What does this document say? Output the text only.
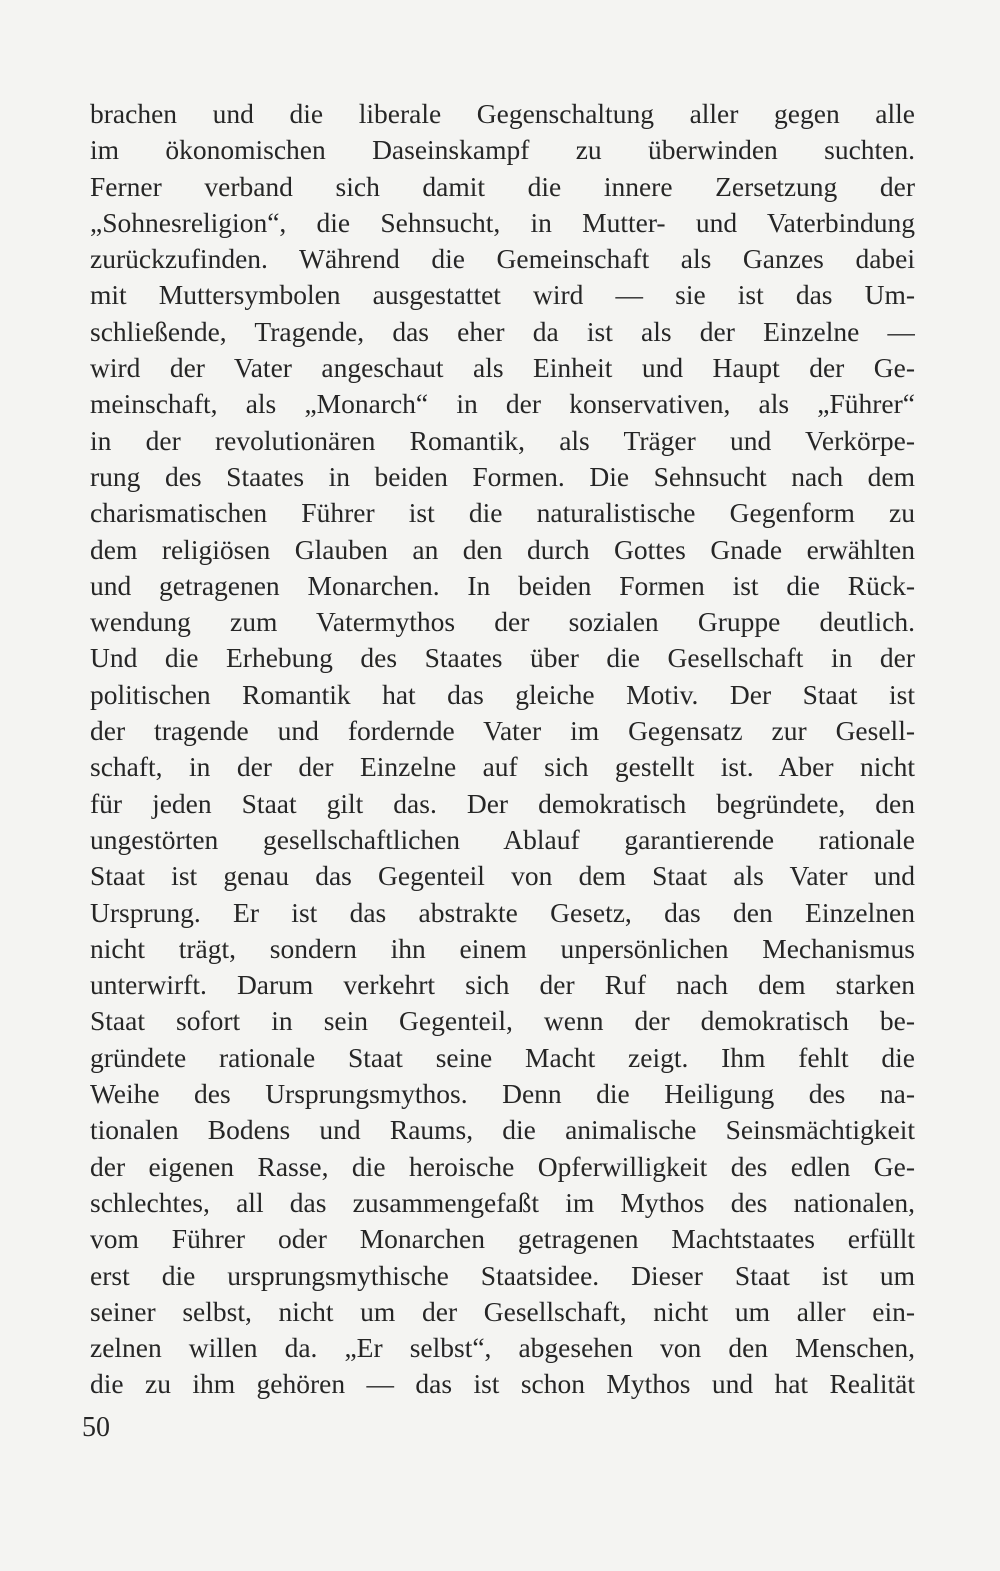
brachen und die liberale Gegenschaltung aller gegen alle
im ökonomischen Daseinskampf zu überwinden suchten.
Ferner verband sich damit die innere Zersetzung der
„Sohnesreligion“, die Sehnsucht, in Mutter- und Vaterbindung
zurückzufinden. Während die Gemeinschaft als Ganzes dabei
mit Muttersymbolen ausgestattet wird — sie ist das Um-
schließende, Tragende, das eher da ist als der Einzelne —
wird der Vater angeschaut als Einheit und Haupt der Ge-
meinschaft, als „Monarch“ in der konservativen, als „Führer“
in der revolutionären Romantik, als Träger und Verkörpe-
rung des Staates in beiden Formen. Die Sehnsucht nach dem
charismatischen Führer ist die naturalistische Gegenform zu
dem religiösen Glauben an den durch Gottes Gnade erwählten
und getragenen Monarchen. In beiden Formen ist die Rück-
wendung zum Vatermythos der sozialen Gruppe deutlich.
Und die Erhebung des Staates über die Gesellschaft in der
politischen Romantik hat das gleiche Motiv. Der Staat ist
der tragende und fordernde Vater im Gegensatz zur Gesell-
schaft, in der der Einzelne auf sich gestellt ist. Aber nicht
für jeden Staat gilt das. Der demokratisch begründete, den
ungestörten gesellschaftlichen Ablauf garantierende rationale
Staat ist genau das Gegenteil von dem Staat als Vater und
Ursprung. Er ist das abstrakte Gesetz, das den Einzelnen
nicht trägt, sondern ihn einem unpersönlichen Mechanismus
unterwirft. Darum verkehrt sich der Ruf nach dem starken
Staat sofort in sein Gegenteil, wenn der demokratisch be-
gründete rationale Staat seine Macht zeigt. Ihm fehlt die
Weihe des Ursprungsmythos. Denn die Heiligung des na-
tionalen Bodens und Raums, die animalische Seinsmächtigkeit
der eigenen Rasse, die heroische Opferwilligkeit des edlen Ge-
schlechtes, all das zusammengefaßt im Mythos des nationalen,
vom Führer oder Monarchen getragenen Machtstaates erfüllt
erst die ursprungsmythische Staatsidee. Dieser Staat ist um
seiner selbst, nicht um der Gesellschaft, nicht um aller ein-
zelnen willen da. „Er selbst“, abgesehen von den Menschen,
die zu ihm gehören — das ist schon Mythos und hat Realität
50
